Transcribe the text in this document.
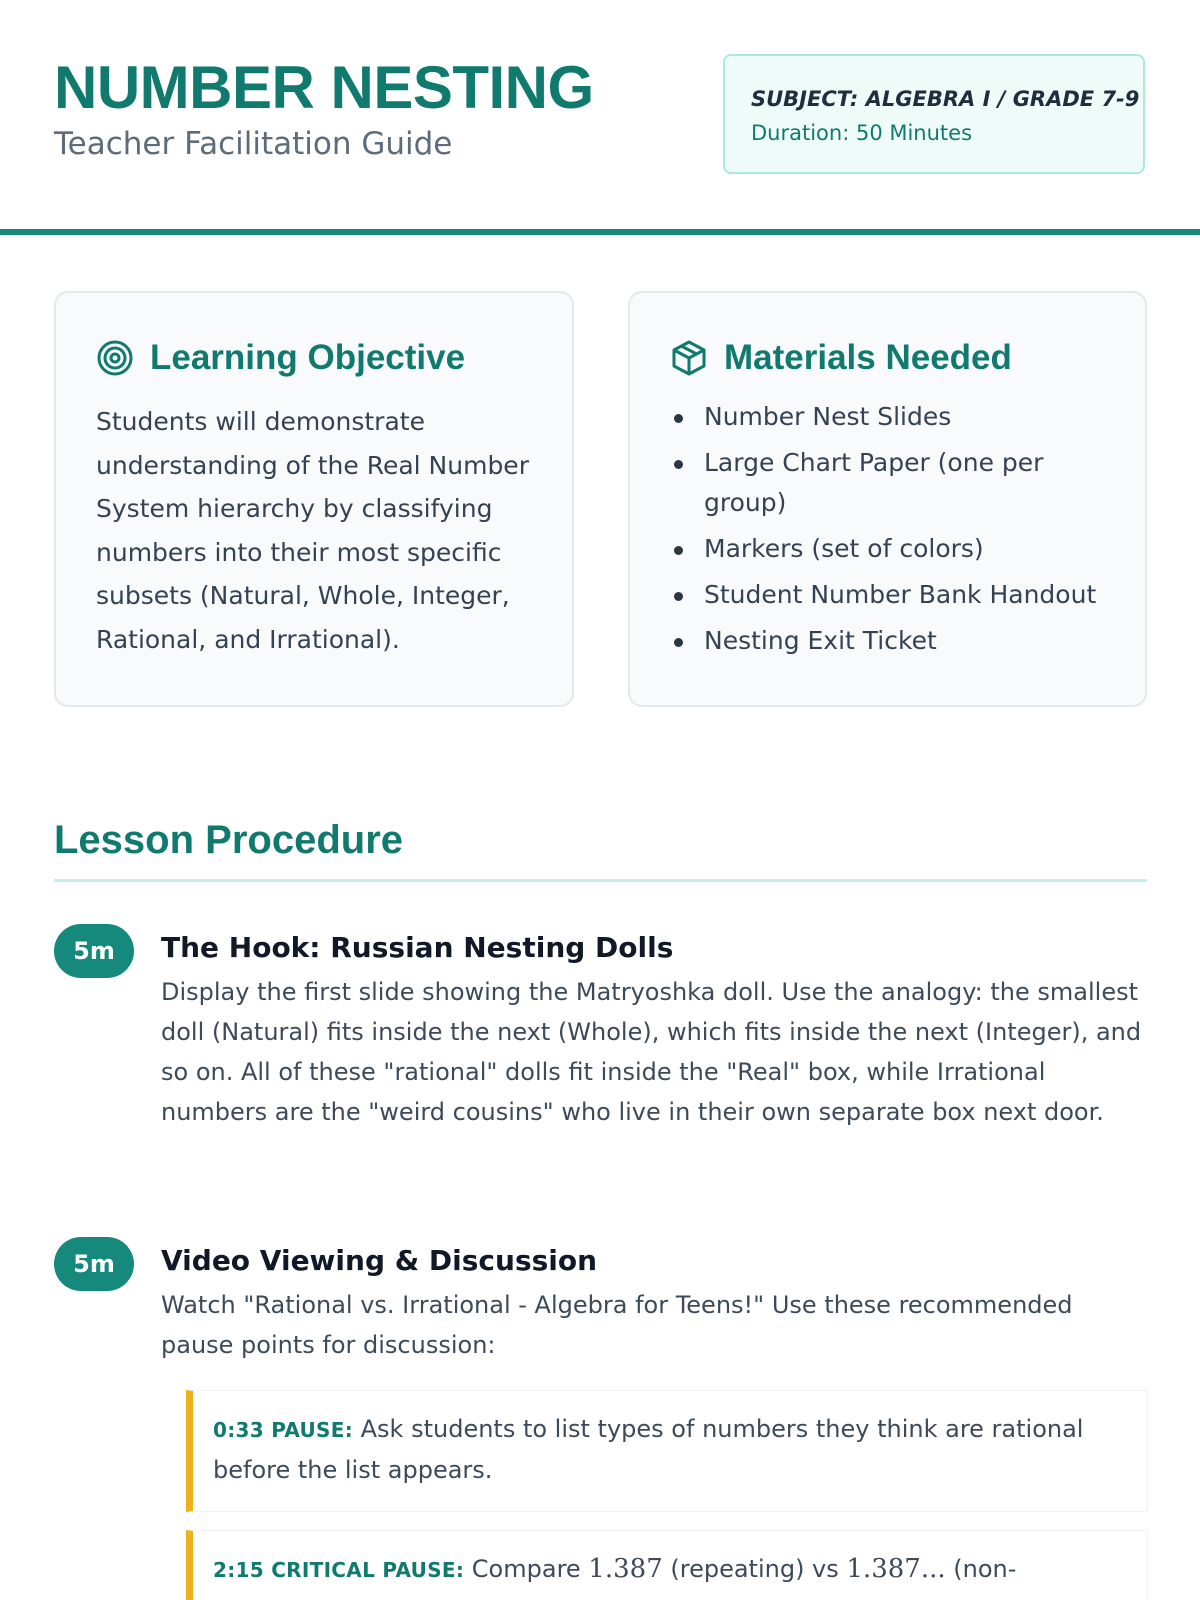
NUMBER NESTING
Teacher Facilitation Guide
SUBJECT: ALGEBRA I / GRADE 7-9
Duration: 50 Minutes
Learning Objective

Students will demonstrate understanding of the Real Number System hierarchy by classifying numbers into their most specific subsets (Natural, Whole, Integer, Rational, and Irrational).

Materials Needed
Number Nest Slides
Large Chart Paper (one per group)
Markers (set of colors)
Student Number Bank Handout
Nesting Exit Ticket
Lesson Procedure
5m	The Hook: Russian Nesting Dolls

Display the first slide showing the Matryoshka doll. Use the analogy: the smallest doll (Natural) fits inside the next (Whole), which fits inside the next (Integer), and so on. All of these "rational" dolls fit inside the "Real" box, while Irrational numbers are the "weird cousins" who live in their own separate box next door.

5m	Video Viewing & Discussion

Watch "Rational vs. Irrational - Algebra for Teens!" Use these recommended pause points for discussion:

0:33 PAUSE: Ask students to list types of numbers they think are rational before the list appears.

2:15 CRITICAL PAUSE: Compare 1.387 (repeating) vs 1.387... (non-
